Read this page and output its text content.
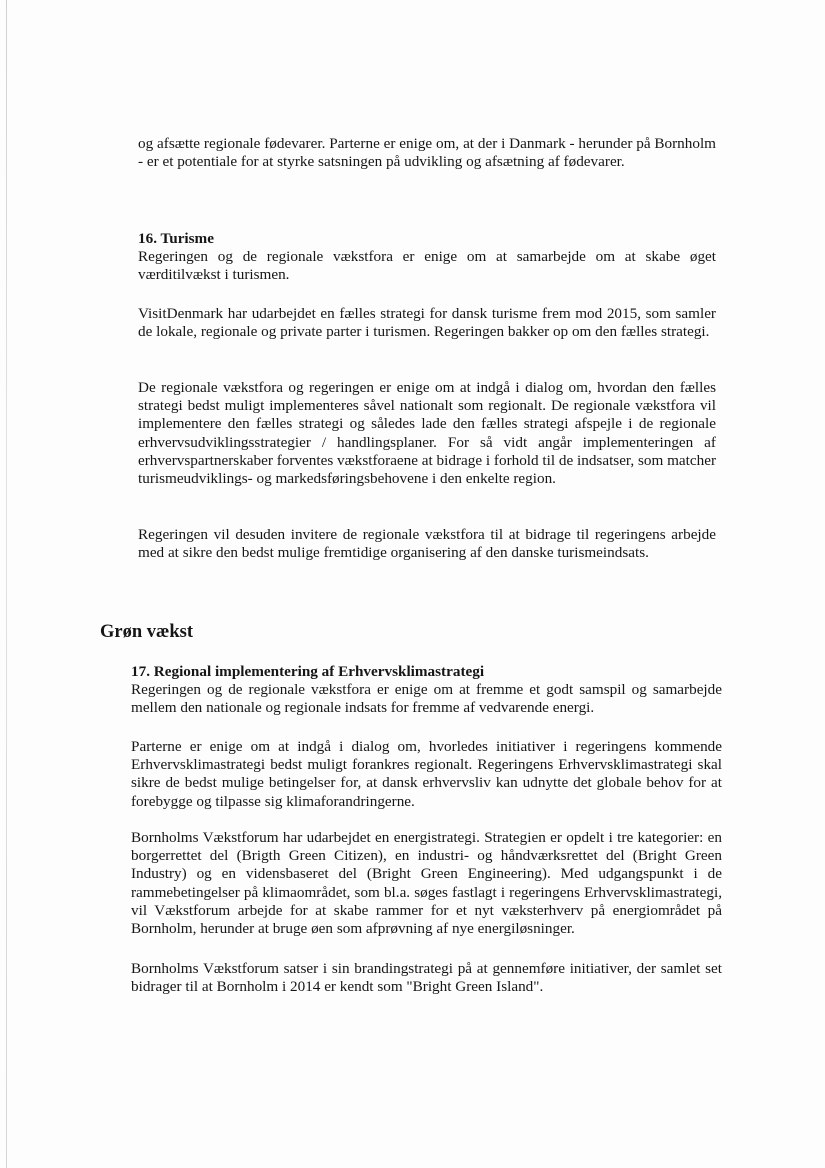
og afsætte regionale fødevarer. Parterne er enige om, at der i Danmark - herunder på Bornholm - er et potentiale for at styrke satsningen på udvikling og afsætning af fødevarer.

16. Turisme
Regeringen og de regionale vækstfora er enige om at samarbejde om at skabe øget værditilvækst i turismen.

VisitDenmark har udarbejdet en fælles strategi for dansk turisme frem mod 2015, som samler de lokale, regionale og private parter i turismen. Regeringen bakker op om den fælles strategi.

De regionale vækstfora og regeringen er enige om at indgå i dialog om, hvordan den fælles strategi bedst muligt implementeres såvel nationalt som regionalt. De regionale vækstfora vil implementere den fælles strategi og således lade den fælles strategi afspejle i de regionale erhvervsudviklingsstrategier / handlingsplaner. For så vidt angår implementeringen af erhvervspartnerskaber forventes vækstforaene at bidrage i forhold til de indsatser, som matcher turismeudviklings- og markedsføringsbehovene i den enkelte region.

Regeringen vil desuden invitere de regionale vækstfora til at bidrage til regeringens arbejde med at sikre den bedst mulige fremtidige organisering af den danske turismeindsats.

Grøn vækst
17. Regional implementering af Erhvervsklimastrategi
Regeringen og de regionale vækstfora er enige om at fremme et godt samspil og samarbejde mellem den nationale og regionale indsats for fremme af vedvarende energi.

Parterne er enige om at indgå i dialog om, hvorledes initiativer i regeringens kommende Erhvervsklimastrategi bedst muligt forankres regionalt. Regeringens Erhvervsklimastrategi skal sikre de bedst mulige betingelser for, at dansk erhvervsliv kan udnytte det globale behov for at forebygge og tilpasse sig klimaforandringerne.

Bornholms Vækstforum har udarbejdet en energistrategi. Strategien er opdelt i tre kategorier: en borgerrettet del (Brigth Green Citizen), en industri- og håndværksrettet del (Bright Green Industry) og en vidensbaseret del (Bright Green Engineering). Med udgangspunkt i de rammebetingelser på klimaområdet, som bl.a. søges fastlagt i regeringens Erhvervsklimastrategi, vil Vækstforum arbejde for at skabe rammer for et nyt væksterhverv på energiområdet på Bornholm, herunder at bruge øen som afprøvning af nye energiløsninger.

Bornholms Vækstforum satser i sin brandingstrategi på at gennemføre initiativer, der samlet set bidrager til at Bornholm i 2014 er kendt som "Bright Green Island".
